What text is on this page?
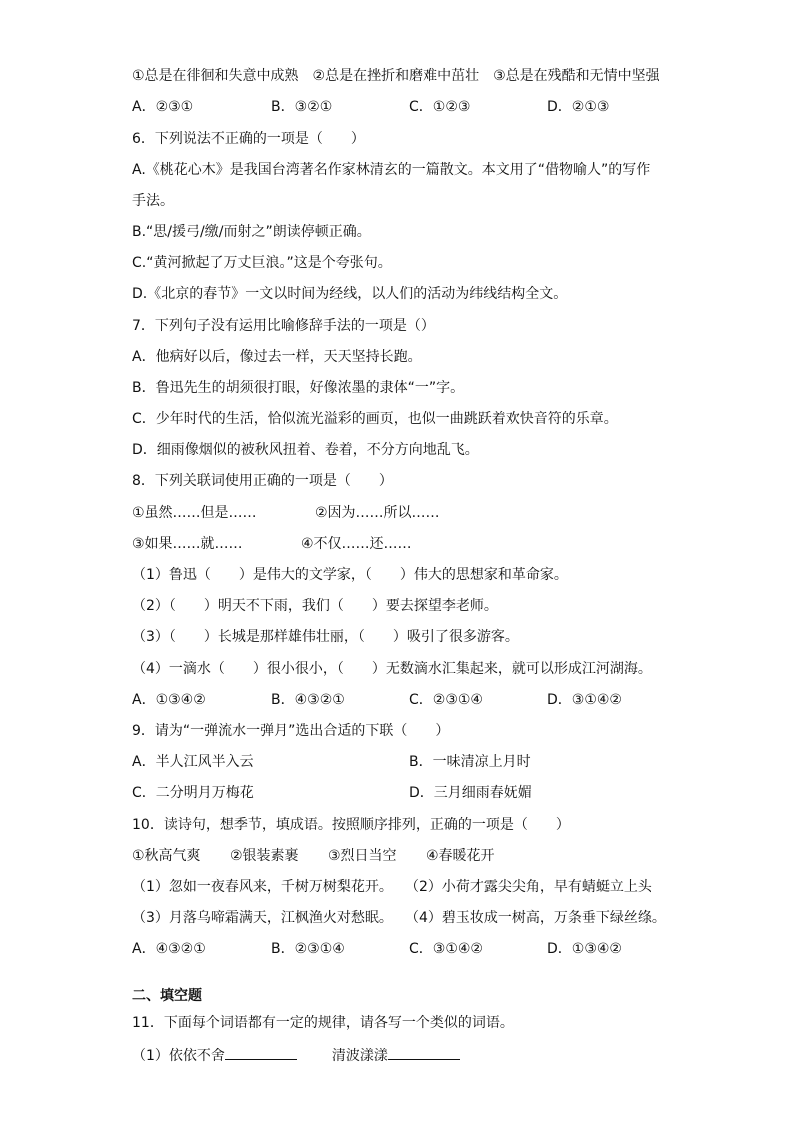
①总是在徘徊和失意中成熟　②总是在挫折和磨难中茁壮　③总是在残酷和无情中坚强
A．②③①	B．③②①	C．①②③	D．②①③
6．下列说法不正确的一项是（　　）
A.《桃花心木》是我国台湾著名作家林清玄的一篇散文。本文用了“借物喻人”的写作
手法。
B.“思/援弓/缴/而射之”朗读停顿正确。
C.“黄河掀起了万丈巨浪。”这是个夸张句。
D.《北京的春节》一文以时间为经线，以人们的活动为纬线结构全文。
7．下列句子没有运用比喻修辞手法的一项是（）
A．他病好以后，像过去一样，天天坚持长跑。
B．鲁迅先生的胡须很打眼，好像浓墨的隶体“一”字。
C．少年时代的生活，恰似流光溢彩的画页，也似一曲跳跃着欢快音符的乐章。
D．细雨像烟似的被秋风扭着、卷着，不分方向地乱飞。
8．下列关联词使用正确的一项是（　　）
①虽然……但是……	②因为……所以……
③如果……就……	④不仅……还……
（1）鲁迅（　　）是伟大的文学家，（　　）伟大的思想家和革命家。
（2）（　　）明天不下雨，我们（　　）要去探望李老师。
（3）（　　）长城是那样雄伟壮丽，（　　）吸引了很多游客。
（4）一滴水（　　）很小很小，（　　）无数滴水汇集起来，就可以形成江河湖海。
A．①③④②	B．④③②①	C．②③①④	D．③①④②
9．请为“一弹流水一弹月”选出合适的下联（　　）
A．半人江风半入云	B．一味清凉上月时
C．二分明月万梅花	D．三月细雨春妩媚
10．读诗句，想季节，填成语。按照顺序排列，正确的一项是（　　）
①秋高气爽 ②银装素裹 ③烈日当空 ④春暖花开
（1）忽如一夜春风来，千树万树梨花开。 （2）小荷才露尖尖角，早有蜻蜓立上头
（3）月落乌啼霜满天，江枫渔火对愁眠。 （4）碧玉妆成一树高，万条垂下绿丝绦。
A．④③②①	B．②③①④	C．③①④②	D．①③④②
二、填空题
11．下面每个词语都有一定的规律，请各写一个类似的词语。
（1）依依不舍	清波漾漾
